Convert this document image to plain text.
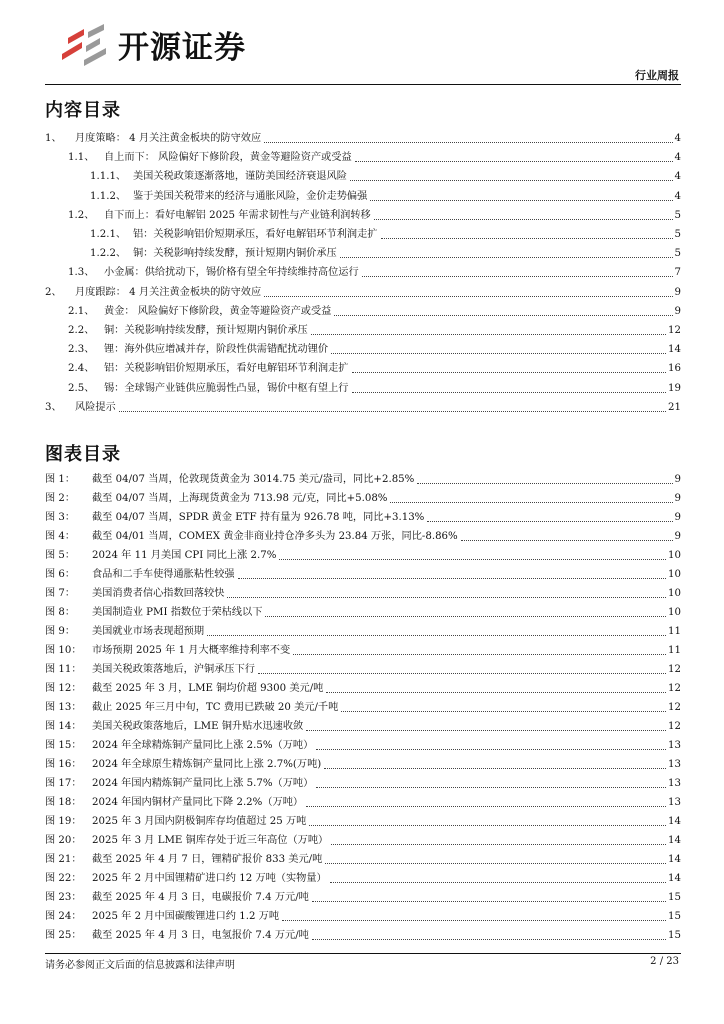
开源证券
行业周报
内容目录
1、	月度策略： 4 月关注黄金板块的防守效应	4
1.1、 自上而下： 风险偏好下修阶段，黄金等避险资产或受益	4
1.1.1、 美国关税政策逐渐落地，谨防美国经济衰退风险	4
1.1.2、 鉴于美国关税带来的经济与通胀风险，金价走势偏强	4
1.2、 自下而上：看好电解铝 2025 年需求韧性与产业链利润转移	5
1.2.1、 铝：关税影响铝价短期承压，看好电解铝环节利润走扩	5
1.2.2、 铜：关税影响持续发酵，预计短期内铜价承压	5
1.3、 小金属：供给扰动下，锡价格有望全年持续维持高位运行	7
2、	月度跟踪： 4 月关注黄金板块的防守效应	9
2.1、 黄金： 风险偏好下修阶段，黄金等避险资产或受益	9
2.2、 铜：关税影响持续发酵，预计短期内铜价承压	12
2.3、 锂：海外供应增减并存，阶段性供需错配扰动锂价	14
2.4、 铝：关税影响铝价短期承压，看好电解铝环节利润走扩	16
2.5、 锡：全球锡产业链供应脆弱性凸显，锡价中枢有望上行	19
3、	风险提示	21
图表目录
图 1：	截至 04/07 当周，伦敦现货黄金为 3014.75 美元/盎司，同比+2.85%	9
图 2：	截至 04/07 当周，上海现货黄金为 713.98 元/克，同比+5.08%	9
图 3：	截至 04/07 当周，SPDR 黄金 ETF 持有量为 926.78 吨，同比+3.13%	9
图 4：	截至 04/01 当周，COMEX 黄金非商业持仓净多头为 23.84 万张，同比-8.86%	9
图 5：	2024 年 11 月美国 CPI 同比上涨 2.7%	10
图 6：	食品和二手车使得通胀粘性较强	10
图 7：	美国消费者信心指数回落较快	10
图 8：	美国制造业 PMI 指数位于荣枯线以下	10
图 9：	美国就业市场表现超预期	11
图 10：	市场预期 2025 年 1 月大概率维持利率不变	11
图 11：	美国关税政策落地后，沪铜承压下行	12
图 12：	截至 2025 年 3 月，LME 铜均价超 9300 美元/吨	12
图 13：	截止 2025 年三月中旬，TC 费用已跌破 20 美元/千吨	12
图 14：	美国关税政策落地后，LME 铜升贴水迅速收敛	12
图 15：	2024 年全球精炼铜产量同比上涨 2.5%（万吨）	13
图 16：	2024 年全球原生精炼铜产量同比上涨 2.7%(万吨)	13
图 17：	2024 年国内精炼铜产量同比上涨 5.7%（万吨）	13
图 18：	2024 年国内铜材产量同比下降 2.2%（万吨）	13
图 19：	2025 年 3 月国内阴极铜库存均值超过 25 万吨	14
图 20：	2025 年 3 月 LME 铜库存处于近三年高位（万吨）	14
图 21：	截至 2025 年 4 月 7 日，锂精矿报价 833 美元/吨	14
图 22：	2025 年 2 月中国锂精矿进口约 12 万吨（实物量）	14
图 23：	截至 2025 年 4 月 3 日，电碳报价 7.4 万元/吨	15
图 24：	2025 年 2 月中国碳酸锂进口约 1.2 万吨	15
图 25：	截至 2025 年 4 月 3 日，电氢报价 7.4 万元/吨	15
请务必参阅正文后面的信息披露和法律声明	2 / 23
